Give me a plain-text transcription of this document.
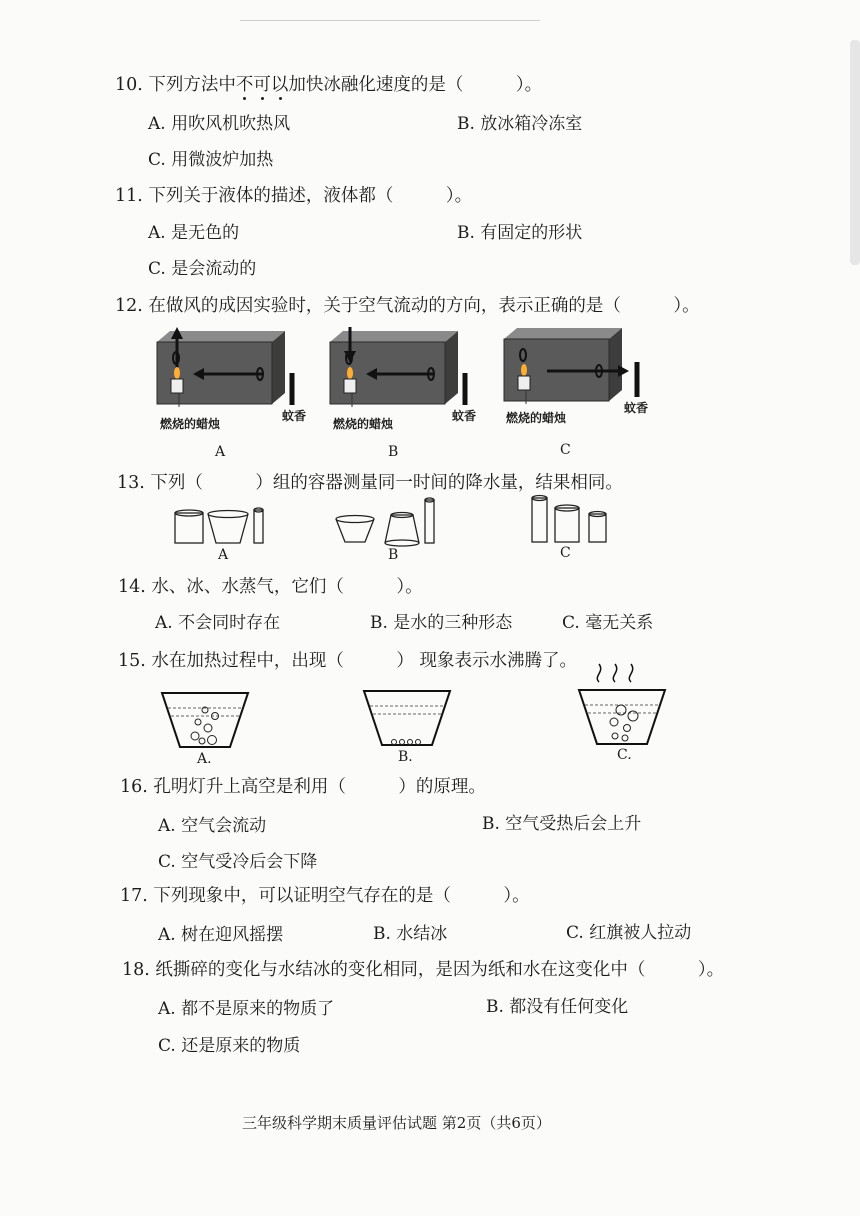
10. 下列方法中不可以
加快冰融化速度的是（　　　）。
A. 用吹风机吹热风	B. 放冰箱冷冻室
C. 用微波炉加热
11. 下列关于液体的描述，液体都（　　　）。
A. 是无色的	B. 有固定的形状
C. 是会流动的
12. 在做风的成因实验时，关于空气流动的方向，表示正确的是（　　　）。
燃烧的蜡烛
蚊香
A
燃烧的蜡烛
蚊香
B
燃烧的蜡烛
蚊香
C
13. 下列（　　　）组的容器测量同一时间的降水量，结果相同。
A	B	C
14. 水、冰、水蒸气，它们（　　　）。
A. 不会同时存在	B. 是水的三种形态	C. 毫无关系
15. 水在加热过程中，出现（　　　） 现象表示水沸腾了。
A.	B.	C.
16. 孔明灯升上高空是利用（　　　）的原理。
A. 空气会流动	B. 空气受热后会上升
C. 空气受冷后会下降
17. 下列现象中，可以证明空气存在的是（　　　）。
A. 树在迎风摇摆	B. 水结冰	C. 红旗被人拉动
18. 纸撕碎的变化与水结冰的变化相同，是因为纸和水在这变化中（　　　）。
A. 都不是原来的物质了	B. 都没有任何变化
C. 还是原来的物质
三年级科学期末质量评估试题 第2页（共6页）
